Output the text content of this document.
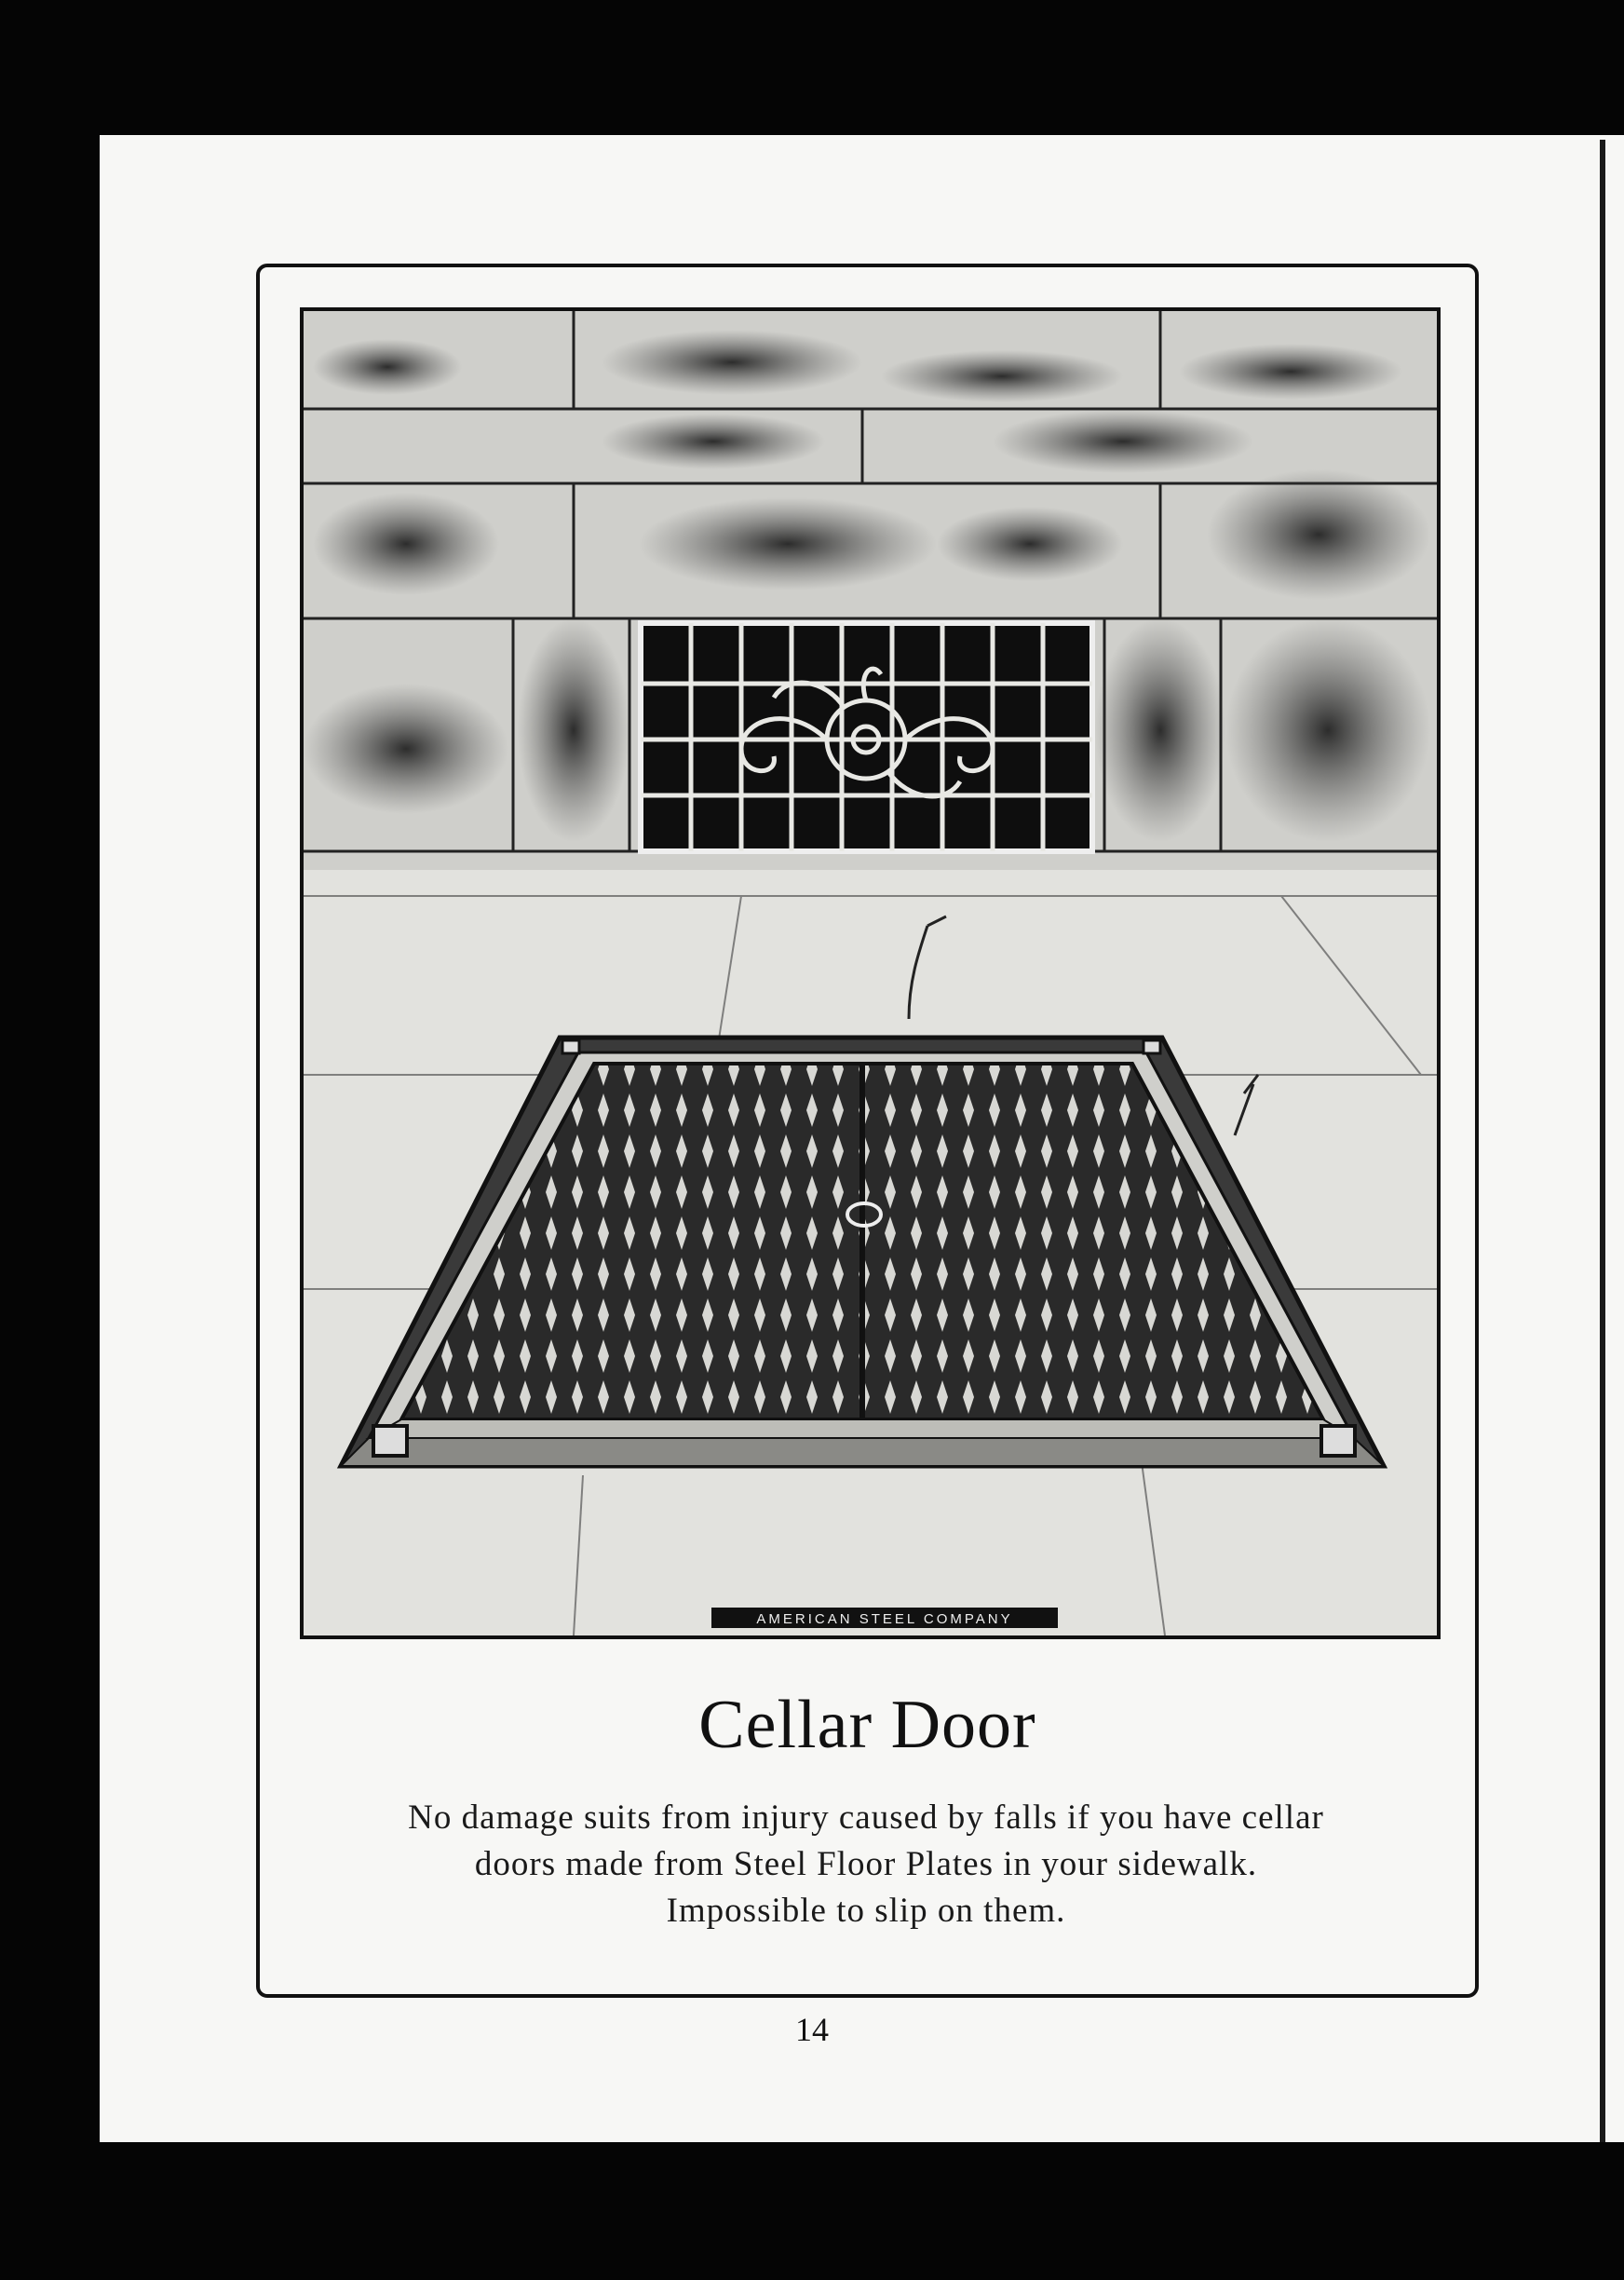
AMERICAN STEEL COMPANY
Cellar Door
No damage suits from injury caused by falls if you have cellar
doors made from Steel Floor Plates in your sidewalk.
Impossible to slip on them.
14
